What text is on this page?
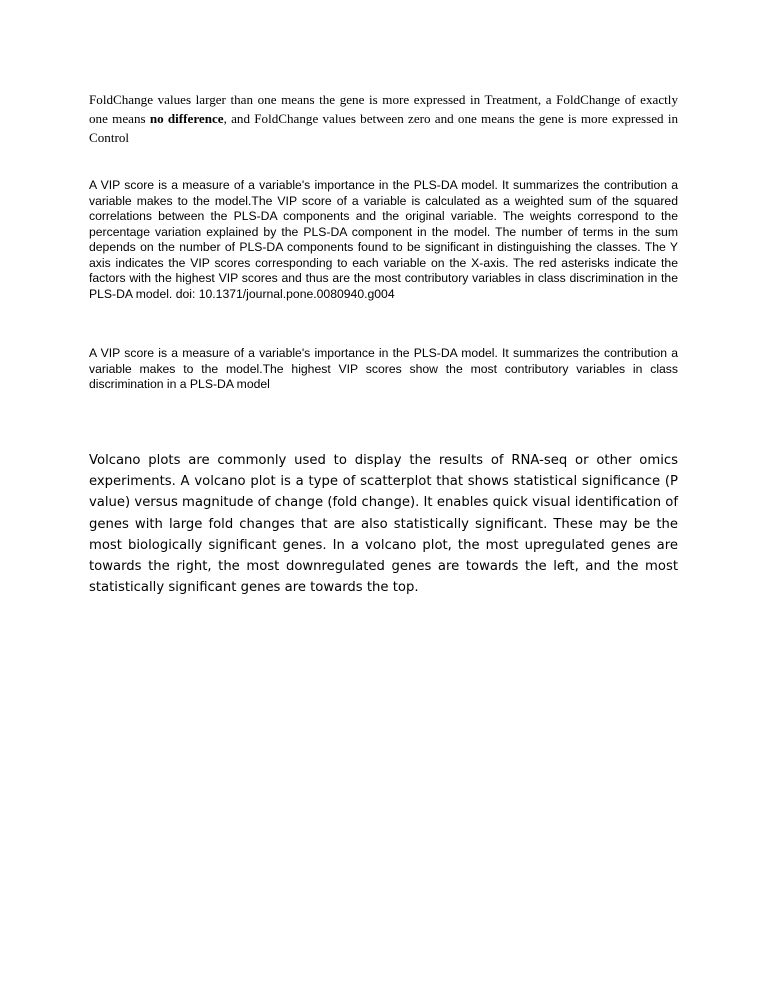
FoldChange values larger than one means the gene is more expressed in Treatment, a FoldChange of exactly one means no difference, and FoldChange values between zero and one means the gene is more expressed in Control

A VIP score is a measure of a variable's importance in the PLS-DA model. It summarizes the contribution a variable makes to the model.The VIP score of a variable is calculated as a weighted sum of the squared correlations between the PLS-DA components and the original variable. The weights correspond to the percentage variation explained by the PLS-DA component in the model. The number of terms in the sum depends on the number of PLS-DA components found to be significant in distinguishing the classes. The Y axis indicates the VIP scores corresponding to each variable on the X-axis. The red asterisks indicate the factors with the highest VIP scores and thus are the most contributory variables in class discrimination in the PLS-DA model. doi: 10.1371/journal.pone.0080940.g004

A VIP score is a measure of a variable's importance in the PLS-DA model. It summarizes the contribution a variable makes to the model.The highest VIP scores show the most contributory variables in class discrimination in a PLS-DA model

Volcano plots are commonly used to display the results of RNA-seq or other omics experiments. A volcano plot is a type of scatterplot that shows statistical significance (P value) versus magnitude of change (fold change). It enables quick visual identification of genes with large fold changes that are also statistically significant. These may be the most biologically significant genes. In a volcano plot, the most upregulated genes are towards the right, the most downregulated genes are towards the left, and the most statistically significant genes are towards the top.
